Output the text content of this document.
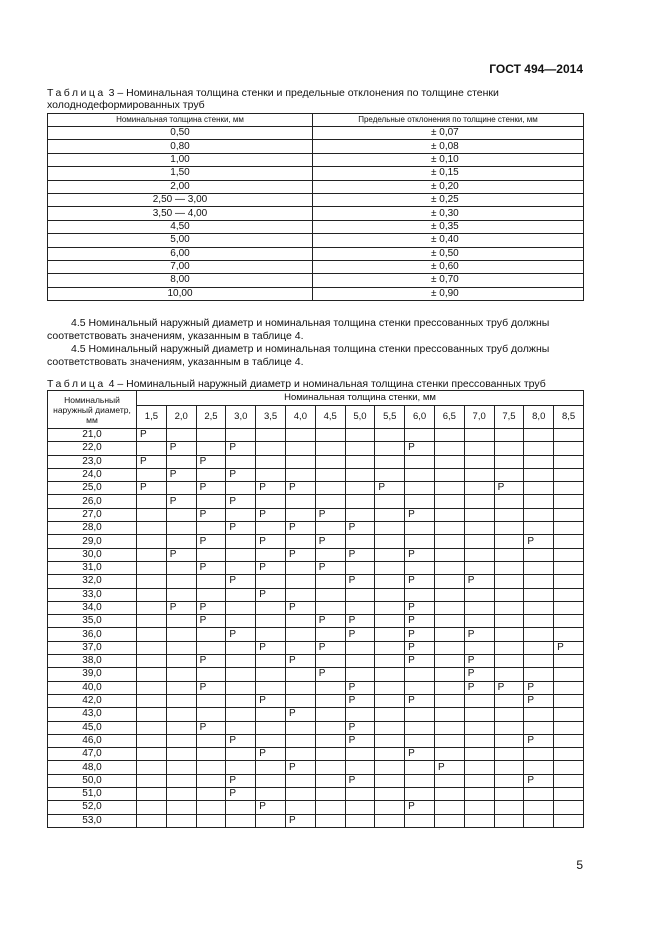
ГОСТ 494—2014
Таблица 3 – Номинальная толщина стенки и предельные отклонения по толщине стенки холоднодеформированных труб
Номинальная толщина стенки, мм	Предельные отклонения по толщине стенки, мм
0,50	± 0,07
0,80	± 0,08
1,00	± 0,10
1,50	± 0,15
2,00	± 0,20
2,50 — 3,00	± 0,25
3,50 — 4,00	± 0,30
4,50	± 0,35
5,00	± 0,40
6,00	± 0,50
7,00	± 0,60
8,00	± 0,70
10,00	± 0,90
4.5 Номинальный наружный диаметр и номинальная толщина стенки прессованных труб должны соответствовать значениям, указанным в таблице 4.
4.5 Номинальный наружный диаметр и номинальная толщина стенки прессованных труб должны соответствовать значениям, указанным в таблице 4.
Таблица 4 – Номинальный наружный диаметр и номинальная толщина стенки прессованных труб
Номинальный наружный диаметр, мм	Номинальная толщина стенки, мм														
	1,5	2,0	2,5	3,0	3,5	4,0	4,5	5,0	5,5	6,0	6,5	7,0	7,5	8,0	8,5
21,0	Р														
22,0		Р		Р						Р					
23,0	Р		Р												
24,0		Р		Р											
25,0	Р		Р		Р	Р			Р				Р		
26,0		Р		Р											
27,0			Р		Р		Р			Р					
28,0				Р		Р		Р							
29,0			Р		Р		Р							Р	
30,0		Р				Р		Р		Р					
31,0			Р		Р		Р								
32,0				Р				Р		Р		Р			
33,0					Р										
34,0		Р	Р			Р				Р					
35,0			Р				Р	Р		Р					
36,0				Р				Р		Р		Р			
37,0					Р		Р			Р					Р
38,0			Р			Р				Р		Р			
39,0							Р					Р			
40,0			Р					Р				Р	Р	Р	
42,0					Р			Р		Р				Р	
43,0						Р									
45,0			Р					Р							
46,0				Р				Р						Р	
47,0					Р					Р					
48,0						Р					Р				
50,0				Р				Р						Р	
51,0				Р											
52,0					Р					Р					
53,0						Р									
5
